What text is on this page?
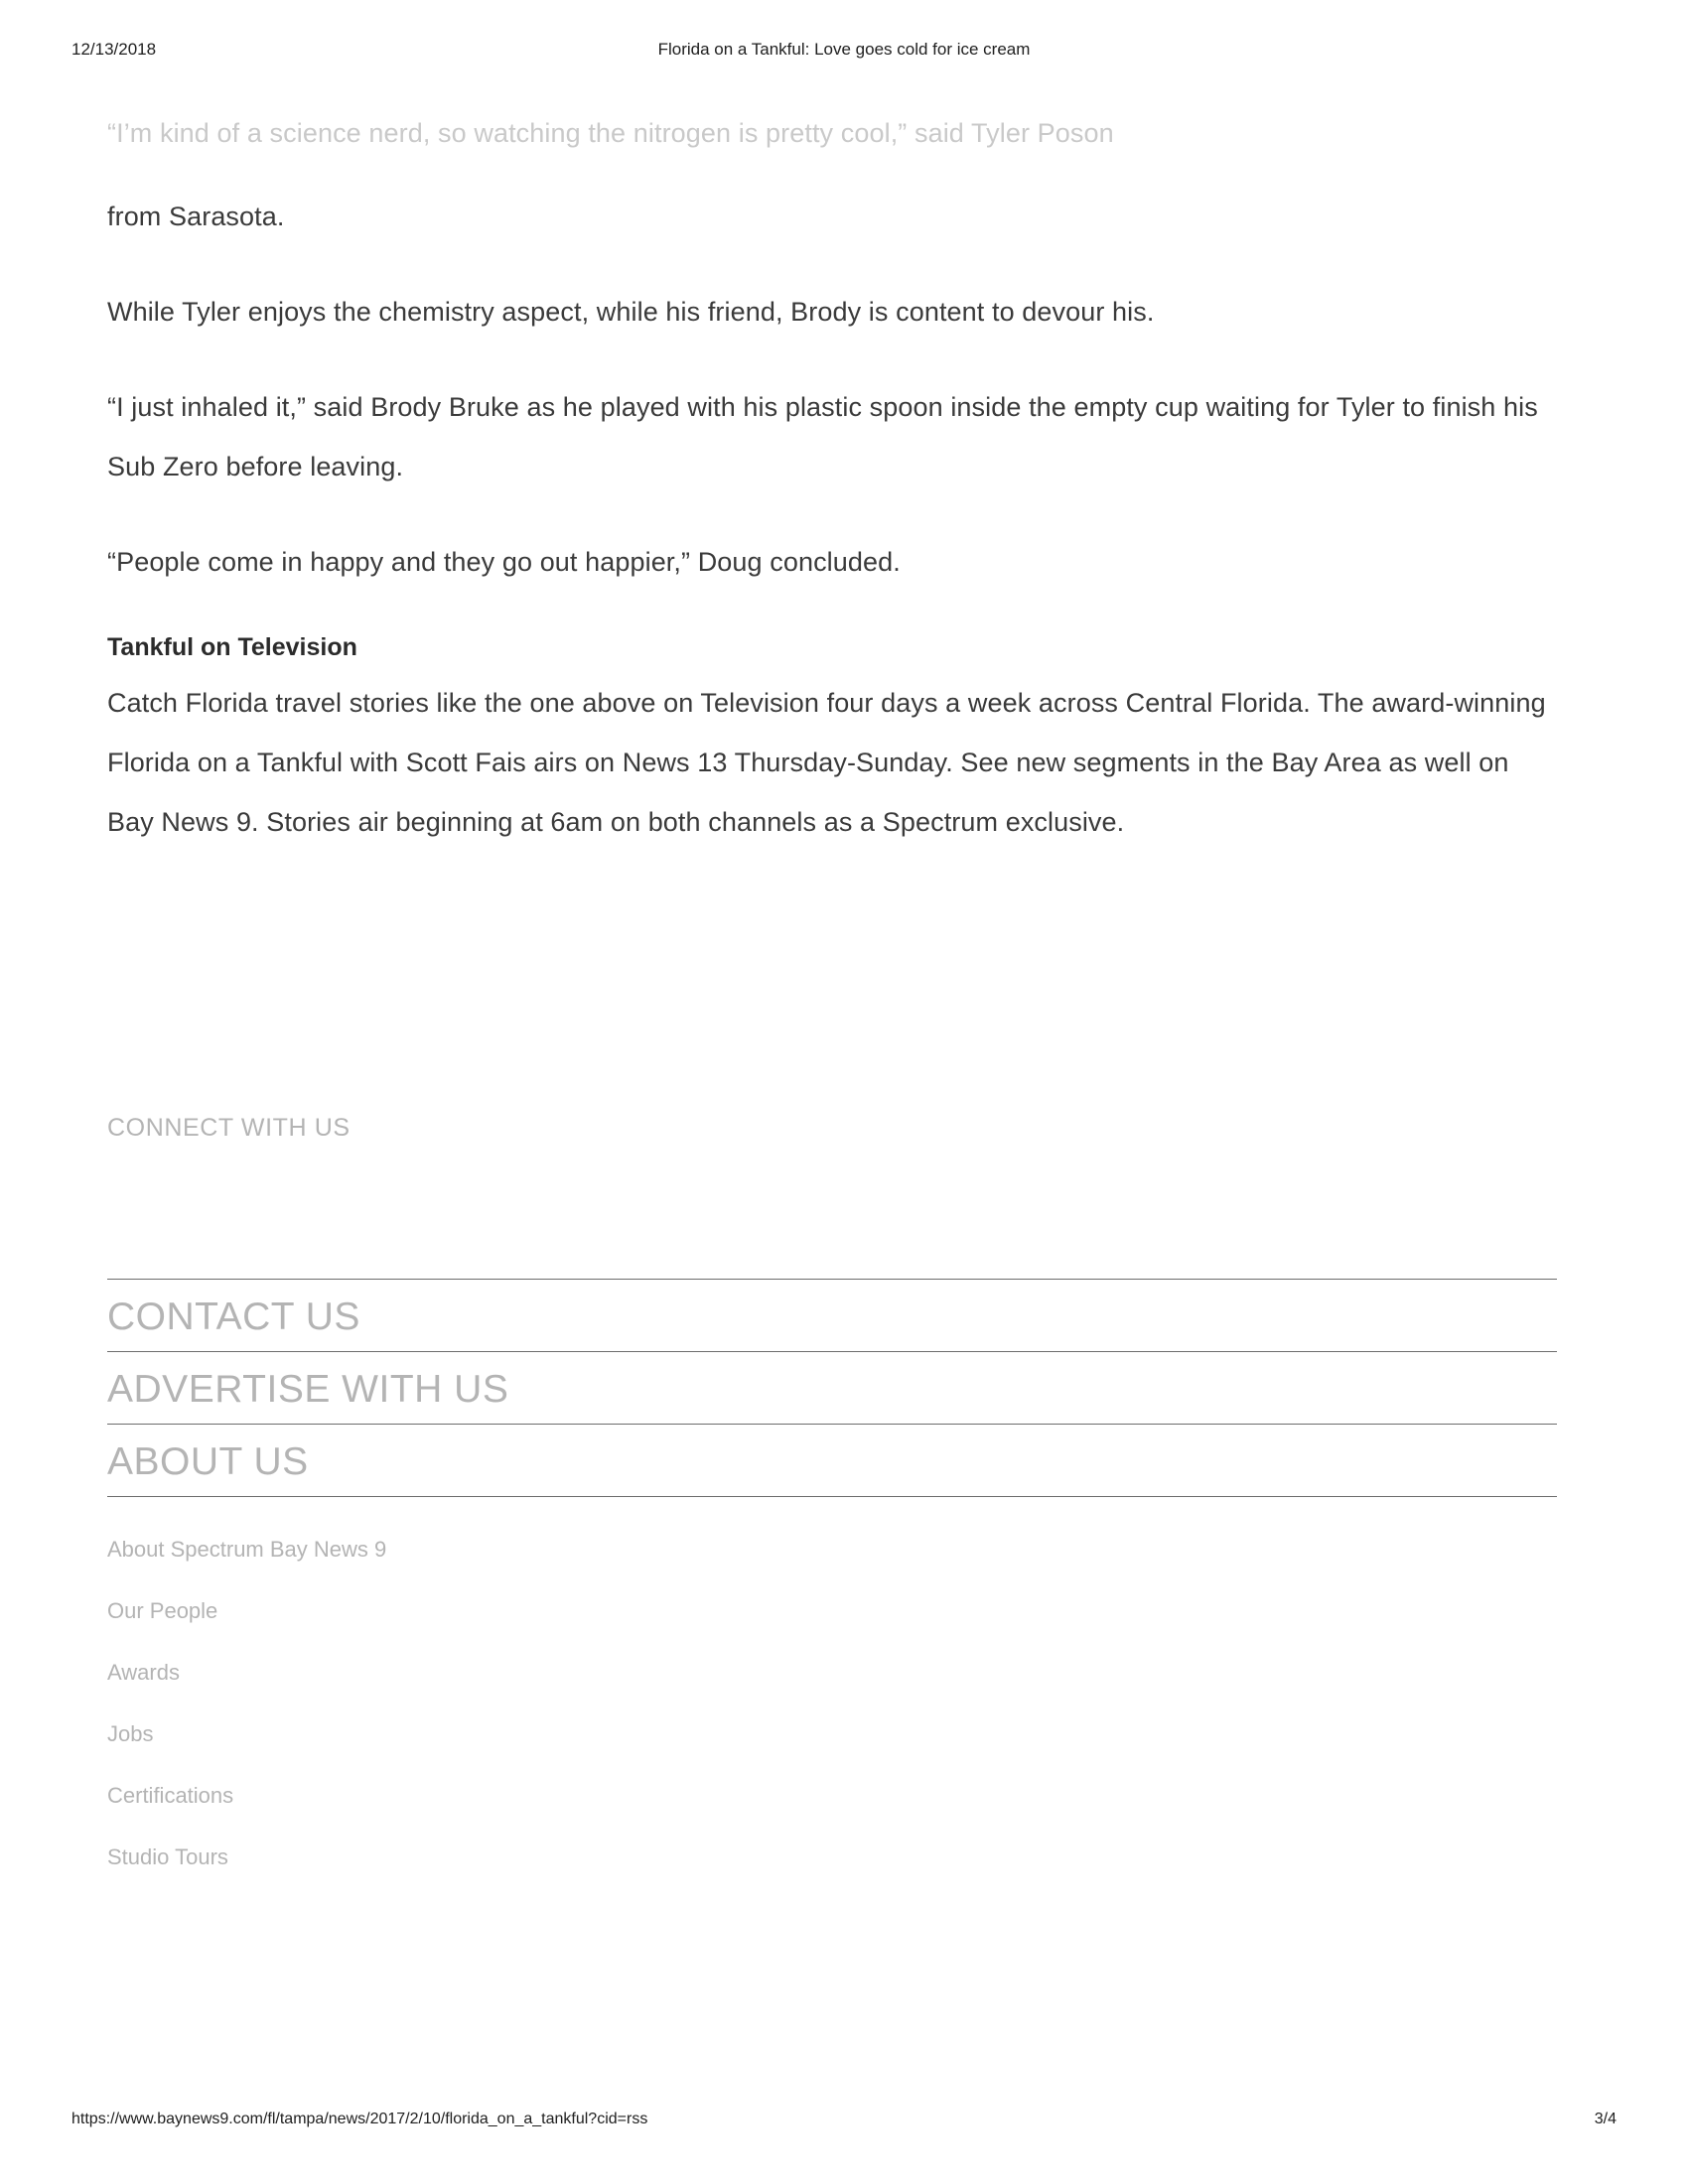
12/13/2018	Florida on a Tankful: Love goes cold for ice cream

“I’m kind of a science nerd, so watching the nitrogen is pretty cool,” said Tyler Poson

from Sarasota.

While Tyler enjoys the chemistry aspect, while his friend, Brody is content to devour his.

“I just inhaled it,” said Brody Bruke as he played with his plastic spoon inside the empty cup waiting for Tyler to finish his Sub Zero before leaving.

“People come in happy and they go out happier,” Doug concluded.

Tankful on Television

Catch Florida travel stories like the one above on Television four days a week across Central Florida. The award-winning Florida on a Tankful with Scott Fais airs on News 13 Thursday-Sunday. See new segments in the Bay Area as well on Bay News 9. Stories air beginning at 6am on both channels as a Spectrum exclusive.

CONNECT WITH US
CONTACT US
ADVERTISE WITH US
ABOUT US
About Spectrum Bay News 9
Our People
Awards
Jobs
Certifications
Studio Tours
https://www.baynews9.com/fl/tampa/news/2017/2/10/florida_on_a_tankful?cid=rss	3/4
